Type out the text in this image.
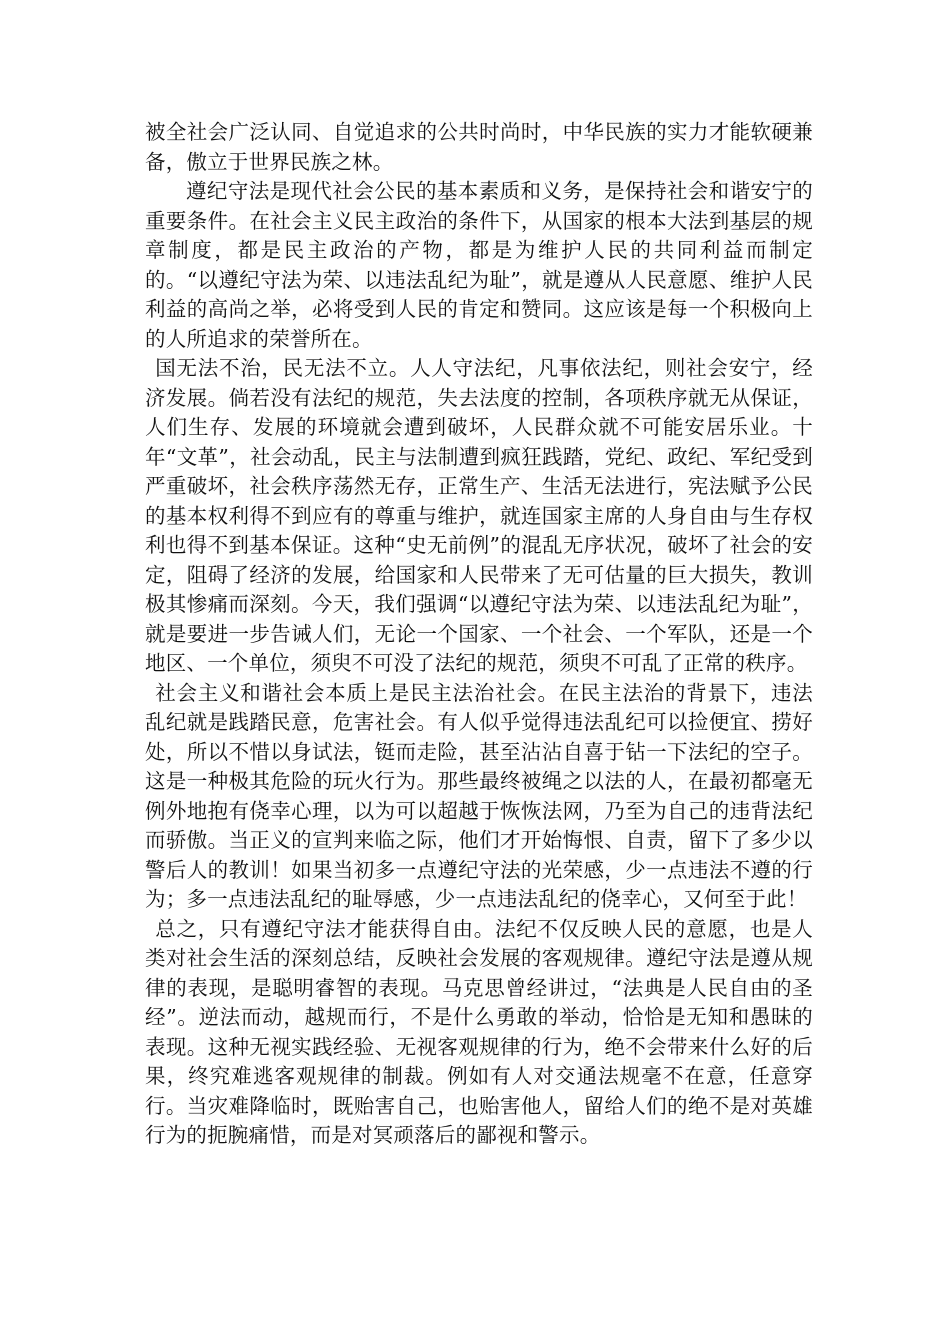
被全社会广泛认同、自觉追求的公共时尚时，中华民族的实力才能软硬兼备，傲立于世界民族之林。

遵纪守法是现代社会公民的基本素质和义务，是保持社会和谐安宁的重要条件。在社会主义民主政治的条件下，从国家的根本大法到基层的规章制度，都是民主政治的产物，都是为维护人民的共同利益而制定的。“以遵纪守法为荣、以违法乱纪为耻”，就是遵从人民意愿、维护人民利益的高尚之举，必将受到人民的肯定和赞同。这应该是每一个积极向上的人所追求的荣誉所在。

国无法不治，民无法不立。人人守法纪，凡事依法纪，则社会安宁，经济发展。倘若没有法纪的规范，失去法度的控制，各项秩序就无从保证，人们生存、发展的环境就会遭到破坏，人民群众就不可能安居乐业。十年“文革”，社会动乱，民主与法制遭到疯狂践踏，党纪、政纪、军纪受到严重破坏，社会秩序荡然无存，正常生产、生活无法进行，宪法赋予公民的基本权利得不到应有的尊重与维护，就连国家主席的人身自由与生存权利也得不到基本保证。这种“史无前例”的混乱无序状况，破坏了社会的安定，阻碍了经济的发展，给国家和人民带来了无可估量的巨大损失，教训极其惨痛而深刻。今天，我们强调“以遵纪守法为荣、以违法乱纪为耻”，就是要进一步告诫人们，无论一个国家、一个社会、一个军队，还是一个地区、一个单位，须臾不可没了法纪的规范，须臾不可乱了正常的秩序。

社会主义和谐社会本质上是民主法治社会。在民主法治的背景下，违法乱纪就是践踏民意，危害社会。有人似乎觉得违法乱纪可以捡便宜、捞好处，所以不惜以身试法，铤而走险，甚至沾沾自喜于钻一下法纪的空子。这是一种极其危险的玩火行为。那些最终被绳之以法的人，在最初都毫无例外地抱有侥幸心理，以为可以超越于恢恢法网，乃至为自己的违背法纪而骄傲。当正义的宣判来临之际，他们才开始悔恨、自责，留下了多少以警后人的教训！如果当初多一点遵纪守法的光荣感，少一点违法不遵的行为；多一点违法乱纪的耻辱感，少一点违法乱纪的侥幸心，又何至于此！

总之，只有遵纪守法才能获得自由。法纪不仅反映人民的意愿，也是人类对社会生活的深刻总结，反映社会发展的客观规律。遵纪守法是遵从规律的表现，是聪明睿智的表现。马克思曾经讲过，“法典是人民自由的圣经”。逆法而动，越规而行，不是什么勇敢的举动，恰恰是无知和愚昧的表现。这种无视实践经验、无视客观规律的行为，绝不会带来什么好的后果，终究难逃客观规律的制裁。例如有人对交通法规毫不在意，任意穿行。当灾难降临时，既贻害自己，也贻害他人，留给人们的绝不是对英雄行为的扼腕痛惜，而是对冥顽落后的鄙视和警示。
